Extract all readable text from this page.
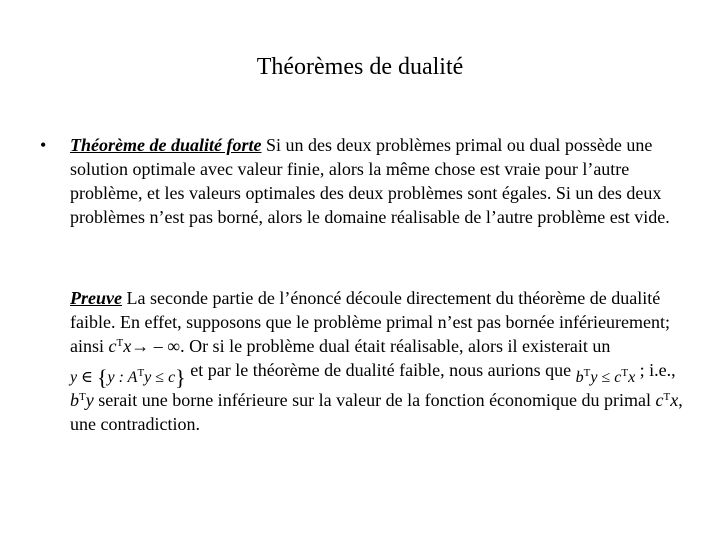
Théorèmes de dualité
• Théorème de dualité forte Si un des deux problèmes primal ou dual possède une solution optimale avec valeur finie, alors la même chose est vraie pour l’autre problème, et les valeurs optimales des deux problèmes sont égales. Si un des deux problèmes n’est pas borné, alors le domaine réalisable de l’autre problème est vide.
Preuve La seconde partie de l’énoncé découle directement du théorème de dualité faible. En effet, supposons que le problème primal n’est pas bornée inférieurement; ainsi $c^Tx\to$ – ∞. Or si le problème dual était réalisable, alors il existerait un y ∈ {y : $A^Ty \le c$} et par le théorème de dualité faible, nous aurions que $b^Ty \le c^Tx$ ; i.e., $b^Ty$ serait une borne inférieure sur la valeur de la fonction économique du primal $c^Tx$, une contradiction.
